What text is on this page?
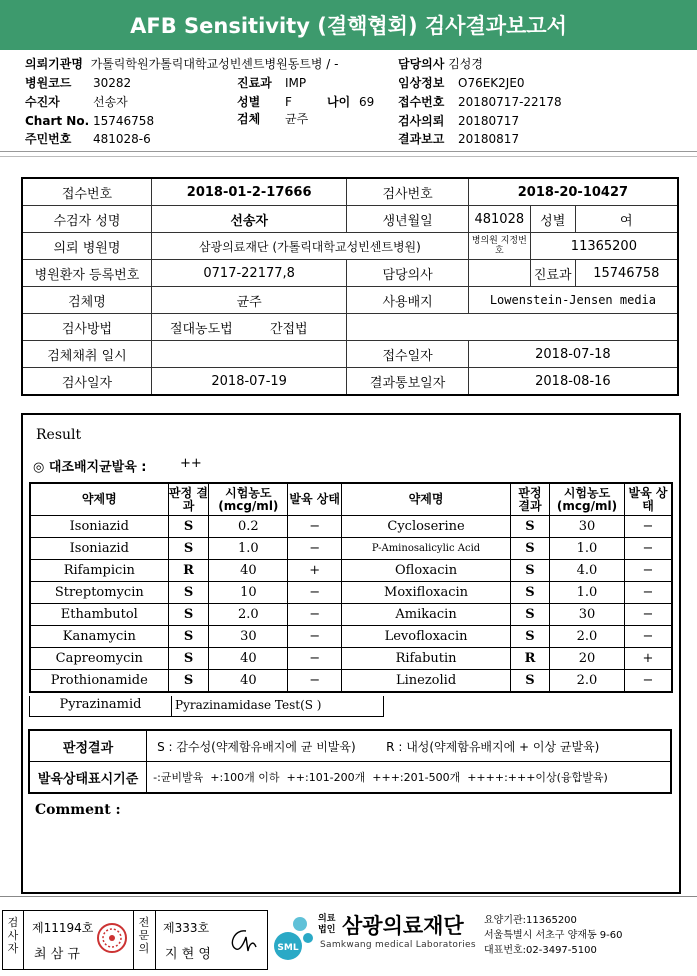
AFB Sensitivity (결핵협회) 검사결과보고서
의뢰기관명 가톨릭학원가톨릭대학교성빈센트병원동트병 / -	담당의사 김성경
병원코드 30282	진료과 IMP	임상정보 O76EK2JE0
수진자	선송자	성별 F	나이 69 접수번호 20180717-22178
Chart No. 15746758	검체 균주	검사의뢰 20180717
주민번호 481028-6	결과보고 20180817
접수번호	2018-01-2-17666	검사번호	2018-20-10427		
수검자 성명	선송자	생년월일	481028	성별	여
의뢰 병원명	삼광의료재단 (가톨릭대학교성빈센트병원)		병의원 지정번호	11365200	
병원환자 등록번호	0717-22177,8	담당의사		진료과	15746758
검체명	균주	사용배지	Lowenstein-Jensen media		
검사방법	절대농도법 간접법				
검체채취 일시		접수일자	2018-07-18		
검사일자	2018-07-19	결과통보일자	2018-08-16		
Result
◎ 대조배지균발육 :	++
약제명	판정 결과	시험농도 (mcg/ml)	발육 상태	약제명	판정 결과	시험농도 (mcg/ml)	발육 상태
Isoniazid	S	0.2	−	Cycloserine	S	30	−
Isoniazid	S	1.0	−	P-Aminosalicylic Acid	S	1.0	−
Rifampicin	R	40	+	Ofloxacin	S	4.0	−
Streptomycin	S	10	−	Moxifloxacin	S	1.0	−
Ethambutol	S	2.0	−	Amikacin	S	30	−
Kanamycin	S	30	−	Levofloxacin	S	2.0	−
Capreomycin	S	40	−	Rifabutin	R	20	+
Prothionamide	S	40	−	Linezolid	S	2.0	−
Pyrazinamid	Pyrazinamidase Test(S )
판정결과	S : 감수성(약제함유배지에 균 비발육)        R : 내성(약제함유배지에 + 이상 균발육)
발육상태표시기준	-:균비발육  +:100개 이하  ++:101-200개  +++:201-500개  ++++:+++이상(융합발육)
Comment :
검사자
제11194호
최 삼 규
전문의
제333호
지 현 영	SML
의료법인 삼광의료재단
Samkwang medical Laboratories
요양기관:11365200
서울특별시 서초구 양재동 9-60
대표번호:02-3497-5100
